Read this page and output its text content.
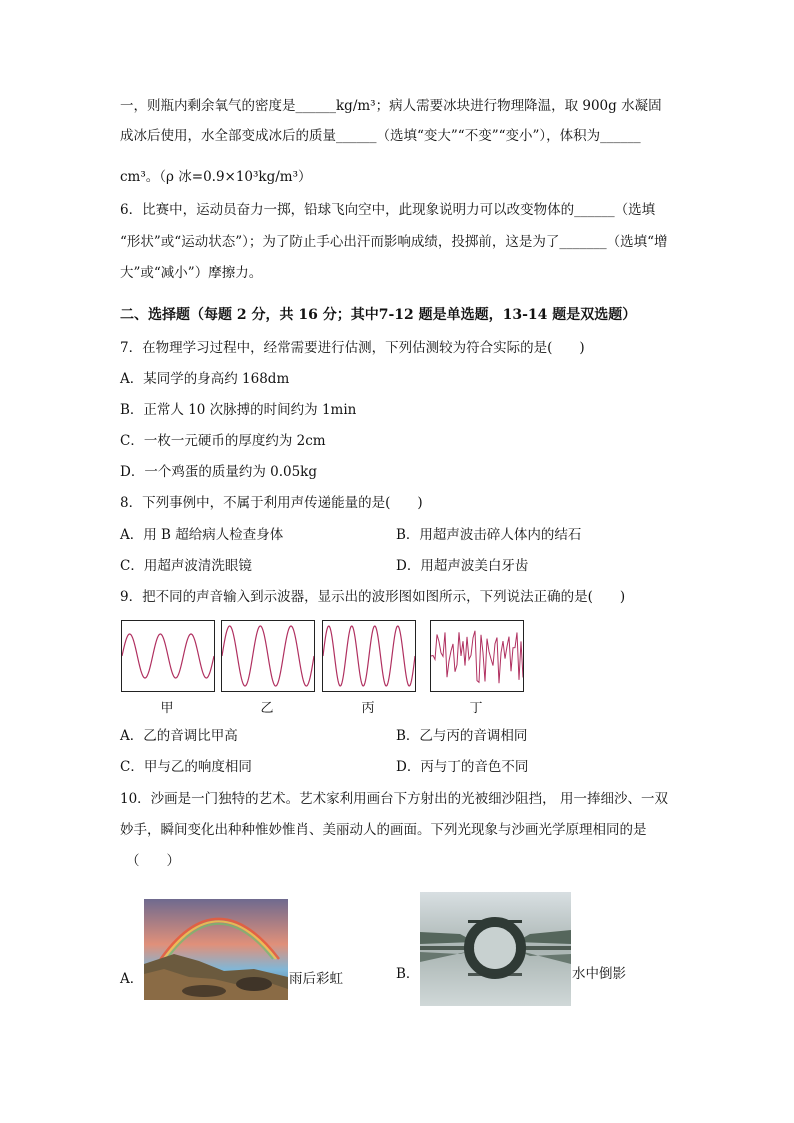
一，则瓶内剩余氧气的密度是______kg/m³；病人需要冰块进行物理降温，取 900g 水凝固
成冰后使用，水全部变成冰后的质量______（选填“变大”“不变”“变小”），体积为______
cm³。（ρ 冰=0.9×10³kg/m³）
6．比赛中，运动员奋力一掷，铅球飞向空中，此现象说明力可以改变物体的______（选填
“形状”或“运动状态”）；为了防止手心出汗而影响成绩，投掷前，这是为了_______（选填“增
大”或“减小”）摩擦力。
二、选择题（每题 2 分，共 16 分；其中7-12 题是单选题，13-14 题是双选题）
7．在物理学习过程中，经常需要进行估测，下列估测较为符合实际的是(　　)
A．某同学的身高约 168dm
B．正常人 10 次脉搏的时间约为 1min
C．一枚一元硬币的厚度约为 2cm
D．一个鸡蛋的质量约为 0.05kg
8．下列事例中，不属于利用声传递能量的是(　　)
A．用 B 超给病人检查身体	B．用超声波击碎人体内的结石
C．用超声波清洗眼镜	D．用超声波美白牙齿
9．把不同的声音输入到示波器，显示出的波形图如图所示，下列说法正确的是(　　)
甲	乙	丙	丁
A．乙的音调比甲高	B．乙与丙的音调相同
C．甲与乙的响度相同	D．丙与丁的音色不同
10．沙画是一门独特的艺术。艺术家利用画台下方射出的光被细沙阻挡， 用一捧细沙、一双
妙手，瞬间变化出种种惟妙惟肖、美丽动人的画面。下列光现象与沙画光学原理相同的是
（　　）
A．	雨后彩虹	B．	水中倒影
